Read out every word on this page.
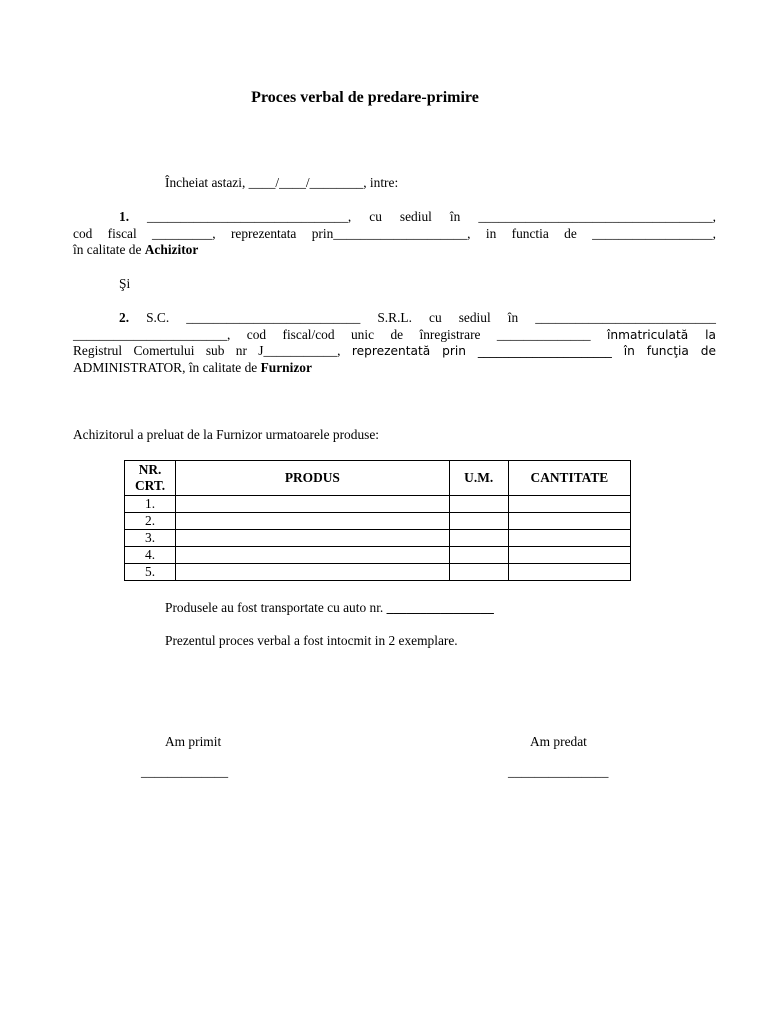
Proces verbal de predare-primire

Încheiat astazi, ____/____/________, intre:

1. ______________________________, cu sediul în ___________________________________,
cod fiscal _________, reprezentata prin____________________, in functia de __________________,
în calitate de Achizitor

Şi

2. S.C. __________________________ S.R.L. cu sediul în ___________________________
_______________________, cod fiscal/cod unic de înregistrare ______________ înmatriculată la
Registrul Comertului sub nr J___________, reprezentată prin ______________________ în funcţia de
ADMINISTRATOR, în calitate de Furnizor

Achizitorul a preluat de la Furnizor urmatoarele produse:

NR.
CRT.	PRODUS	U.M.	CANTITATE
1.			
2.			
3.			
4.			
5.			

Produsele au fost transportate cu auto nr. ________________

Prezentul proces verbal a fost intocmit in 2 exemplare.

Am primit	Am predat

_____________	_______________
